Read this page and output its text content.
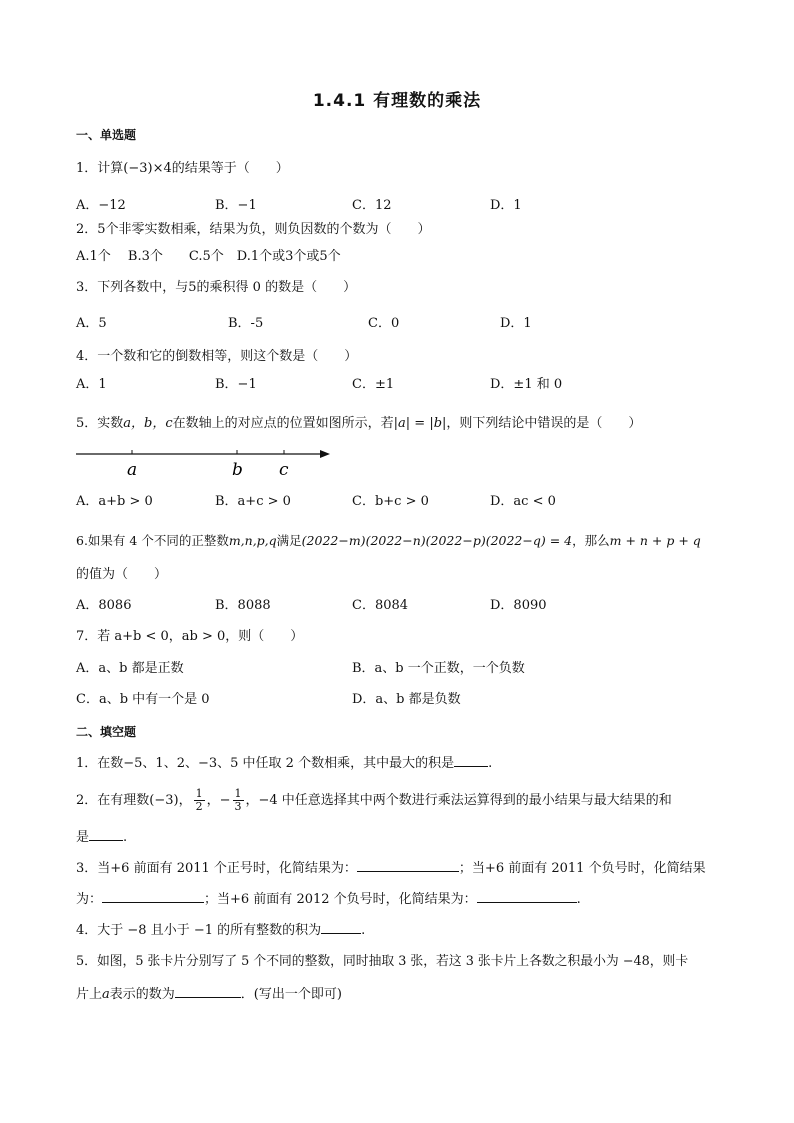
1.4.1 有理数的乘法
一、单选题
1．计算(−3)×4的结果等于（　　）
A．−12	B．−1	C．12	D．1
2．5个非零实数相乘，结果为负，则负因数的个数为（　　）
A.1个　 B.3个　　C.5个　D.1个或3个或5个
3．下列各数中，与5的乘积得 0 的数是（　　）
A．5	B．-5	C．0	D．1
4．一个数和它的倒数相等，则这个数是（　　）
A．1	B．−1	C．±1	D．±1 和 0
5．实数a，b，c在数轴上的对应点的位置如图所示，若|a| = |b|，则下列结论中错误的是（　　）
a	b c
A．a+b > 0	B．a+c > 0	C．b+c > 0	D．ac < 0
6.如果有 4 个不同的正整数m,n,p,q满足(2022−m)(2022−n)(2022−p)(2022−q) = 4，那么m + n + p + q
的值为（　　）
A．8086	B．8088	C．8084	D．8090
7．若 a+b < 0，ab > 0，则（　　）
A．a、b 都是正数	B．a、b 一个正数，一个负数
C．a、b 中有一个是 0	D．a、b 都是负数
二、填空题
1．在数−5、1、2、−3、5 中任取 2 个数相乘，其中最大的积是	.
2．在有理数(−3)， $\frac{1}{2}$ ，− $\frac{1}{3}$ ，−4 中任意选择其中两个数进行乘法运算得到的最小结果与最大结果的和
是	.
3．当+6 前面有 2011 个正号时，化简结果为：	；当+6 前面有 2011 个负号时，化简结果
为：	；当+6 前面有 2012 个负号时，化简结果为：	.
4．大于 −8 且小于 −1 的所有整数的积为	.
5．如图，5 张卡片分别写了 5 个不同的整数，同时抽取 3 张，若这 3 张卡片上各数之积最小为 −48，则卡
片上a表示的数为	．(写出一个即可)
